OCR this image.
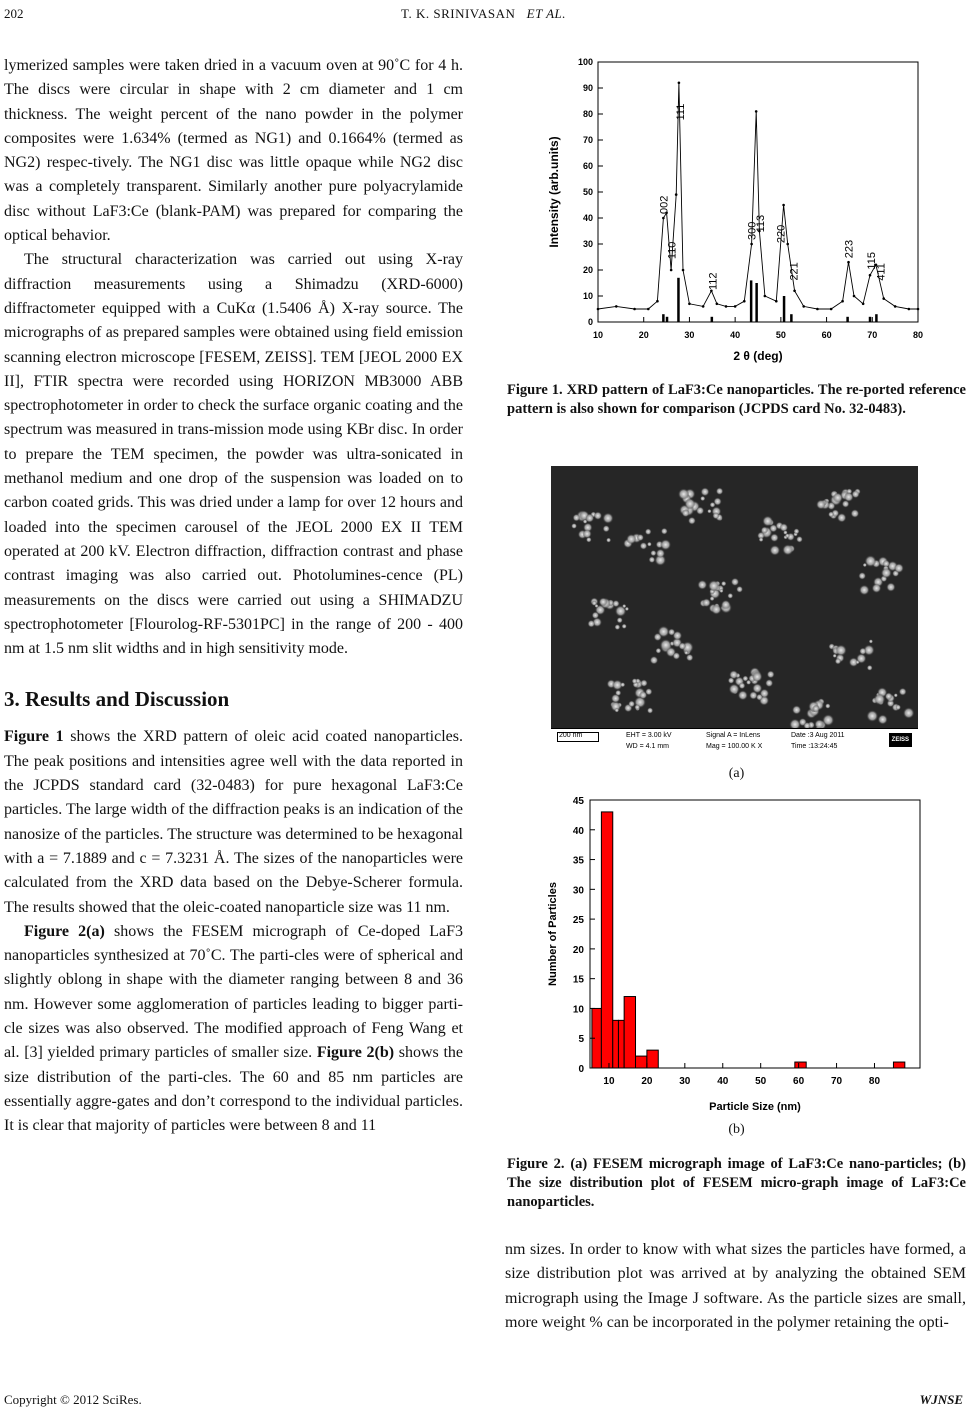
202	T. K. SRINIVASAN ET AL.

lymerized samples were taken dried in a vacuum oven at 90˚C for 4 h. The discs were circular in shape with 2 cm diameter and 1 cm thickness. The weight percent of the nano powder in the polymer composites were 1.634% (termed as NG1) and 0.1664% (termed as NG2) respec-tively. The NG1 disc was little opaque while NG2 disc was a completely transparent. Similarly another pure polyacrylamide disc without LaF3:Ce (blank-PAM) was prepared for comparing the optical behavior.

The structural characterization was carried out using X-ray diffraction measurements using a Shimadzu (XRD-6000) diffractometer equipped with a CuKα (1.5406 Å) X-ray source. The micrographs of as prepared samples were obtained using field emission scanning electron microscope [FESEM, ZEISS]. TEM [JEOL 2000 EX II], FTIR spectra were recorded using HORIZON MB3000 ABB spectrophotometer in order to check the surface organic coating and the spectrum was measured in trans-mission mode using KBr disc. In order to prepare the TEM specimen, the powder was ultra-sonicated in methanol medium and one drop of the suspension was loaded on to carbon coated grids. This was dried under a lamp for over 12 hours and loaded into the specimen carousel of the JEOL 2000 EX II TEM operated at 200 kV. Electron diffraction, diffraction contrast and phase contrast imaging was also carried out. Photolumines-cence (PL) measurements on the discs were carried out using a SHIMADZU spectrophotometer [Flourolog-RF-5301PC] in the range of 200 - 400 nm at 1.5 nm slit widths and in high sensitivity mode.

3. Results and Discussion

Figure 1 shows the XRD pattern of oleic acid coated nanoparticles. The peak positions and intensities agree well with the data reported in the JCPDS standard card (32-0483) for pure hexagonal LaF3:Ce particles. The large width of the diffraction peaks is an indication of the nanosize of the particles. The structure was determined to be hexagonal with a = 7.1889 and c = 7.3231 Å. The sizes of the nanoparticles were calculated from the XRD data based on the Debye-Scherer formula. The results showed that the oleic-coated nanoparticle size was 11 nm.

Figure 2(a) shows the FESEM micrograph of Ce-doped LaF3 nanoparticles synthesized at 70˚C. The parti-cles were of spherical and slightly oblong in shape with the diameter ranging between 8 and 36 nm. However some agglomeration of particles leading to bigger parti-cle sizes was also observed. The modified approach of Feng Wang et al. [3] yielded primary particles of smaller size. Figure 2(b) shows the size distribution of the parti-cles. The 60 and 85 nm particles are essentially aggre-gates and don’t correspond to the individual particles. It is clear that majority of particles were between 8 and 11

10	20	30	40	50	60	70	80
0
10
20
30
40
50
60
70
80
90
100
2 θ (deg)
Intensity (arb.units)	002
110
111
112
300
113
220
221
223
115
411
Figure 1. XRD pattern of LaF3:Ce nanoparticles. The re-ported reference pattern is also shown for comparison (JCPDS card No. 32-0483).
200 nm	EHT = 3.00 kV
WD = 4.1 mm
Signal A = InLens
Mag = 100.00 K X
Date :3 Aug 2011
Time :13:24:45
ZEISS
(a)
10	20	30	40	50	60	70	80
0
5
10
15
20
25
30
35
40
45
Particle Size (nm)
Number of Particles
(b)
Figure 2. (a) FESEM micrograph image of LaF3:Ce nano-particles; (b) The size distribution plot of FESEM micro-graph image of LaF3:Ce nanoparticles.

nm sizes. In order to know with what sizes the particles have formed, a size distribution plot was arrived at by analyzing the obtained SEM micrograph using the Image J software. As the particle sizes are small, more weight % can be incorporated in the polymer retaining the opti-

Copyright © 2012 SciRes.	WJNSE
